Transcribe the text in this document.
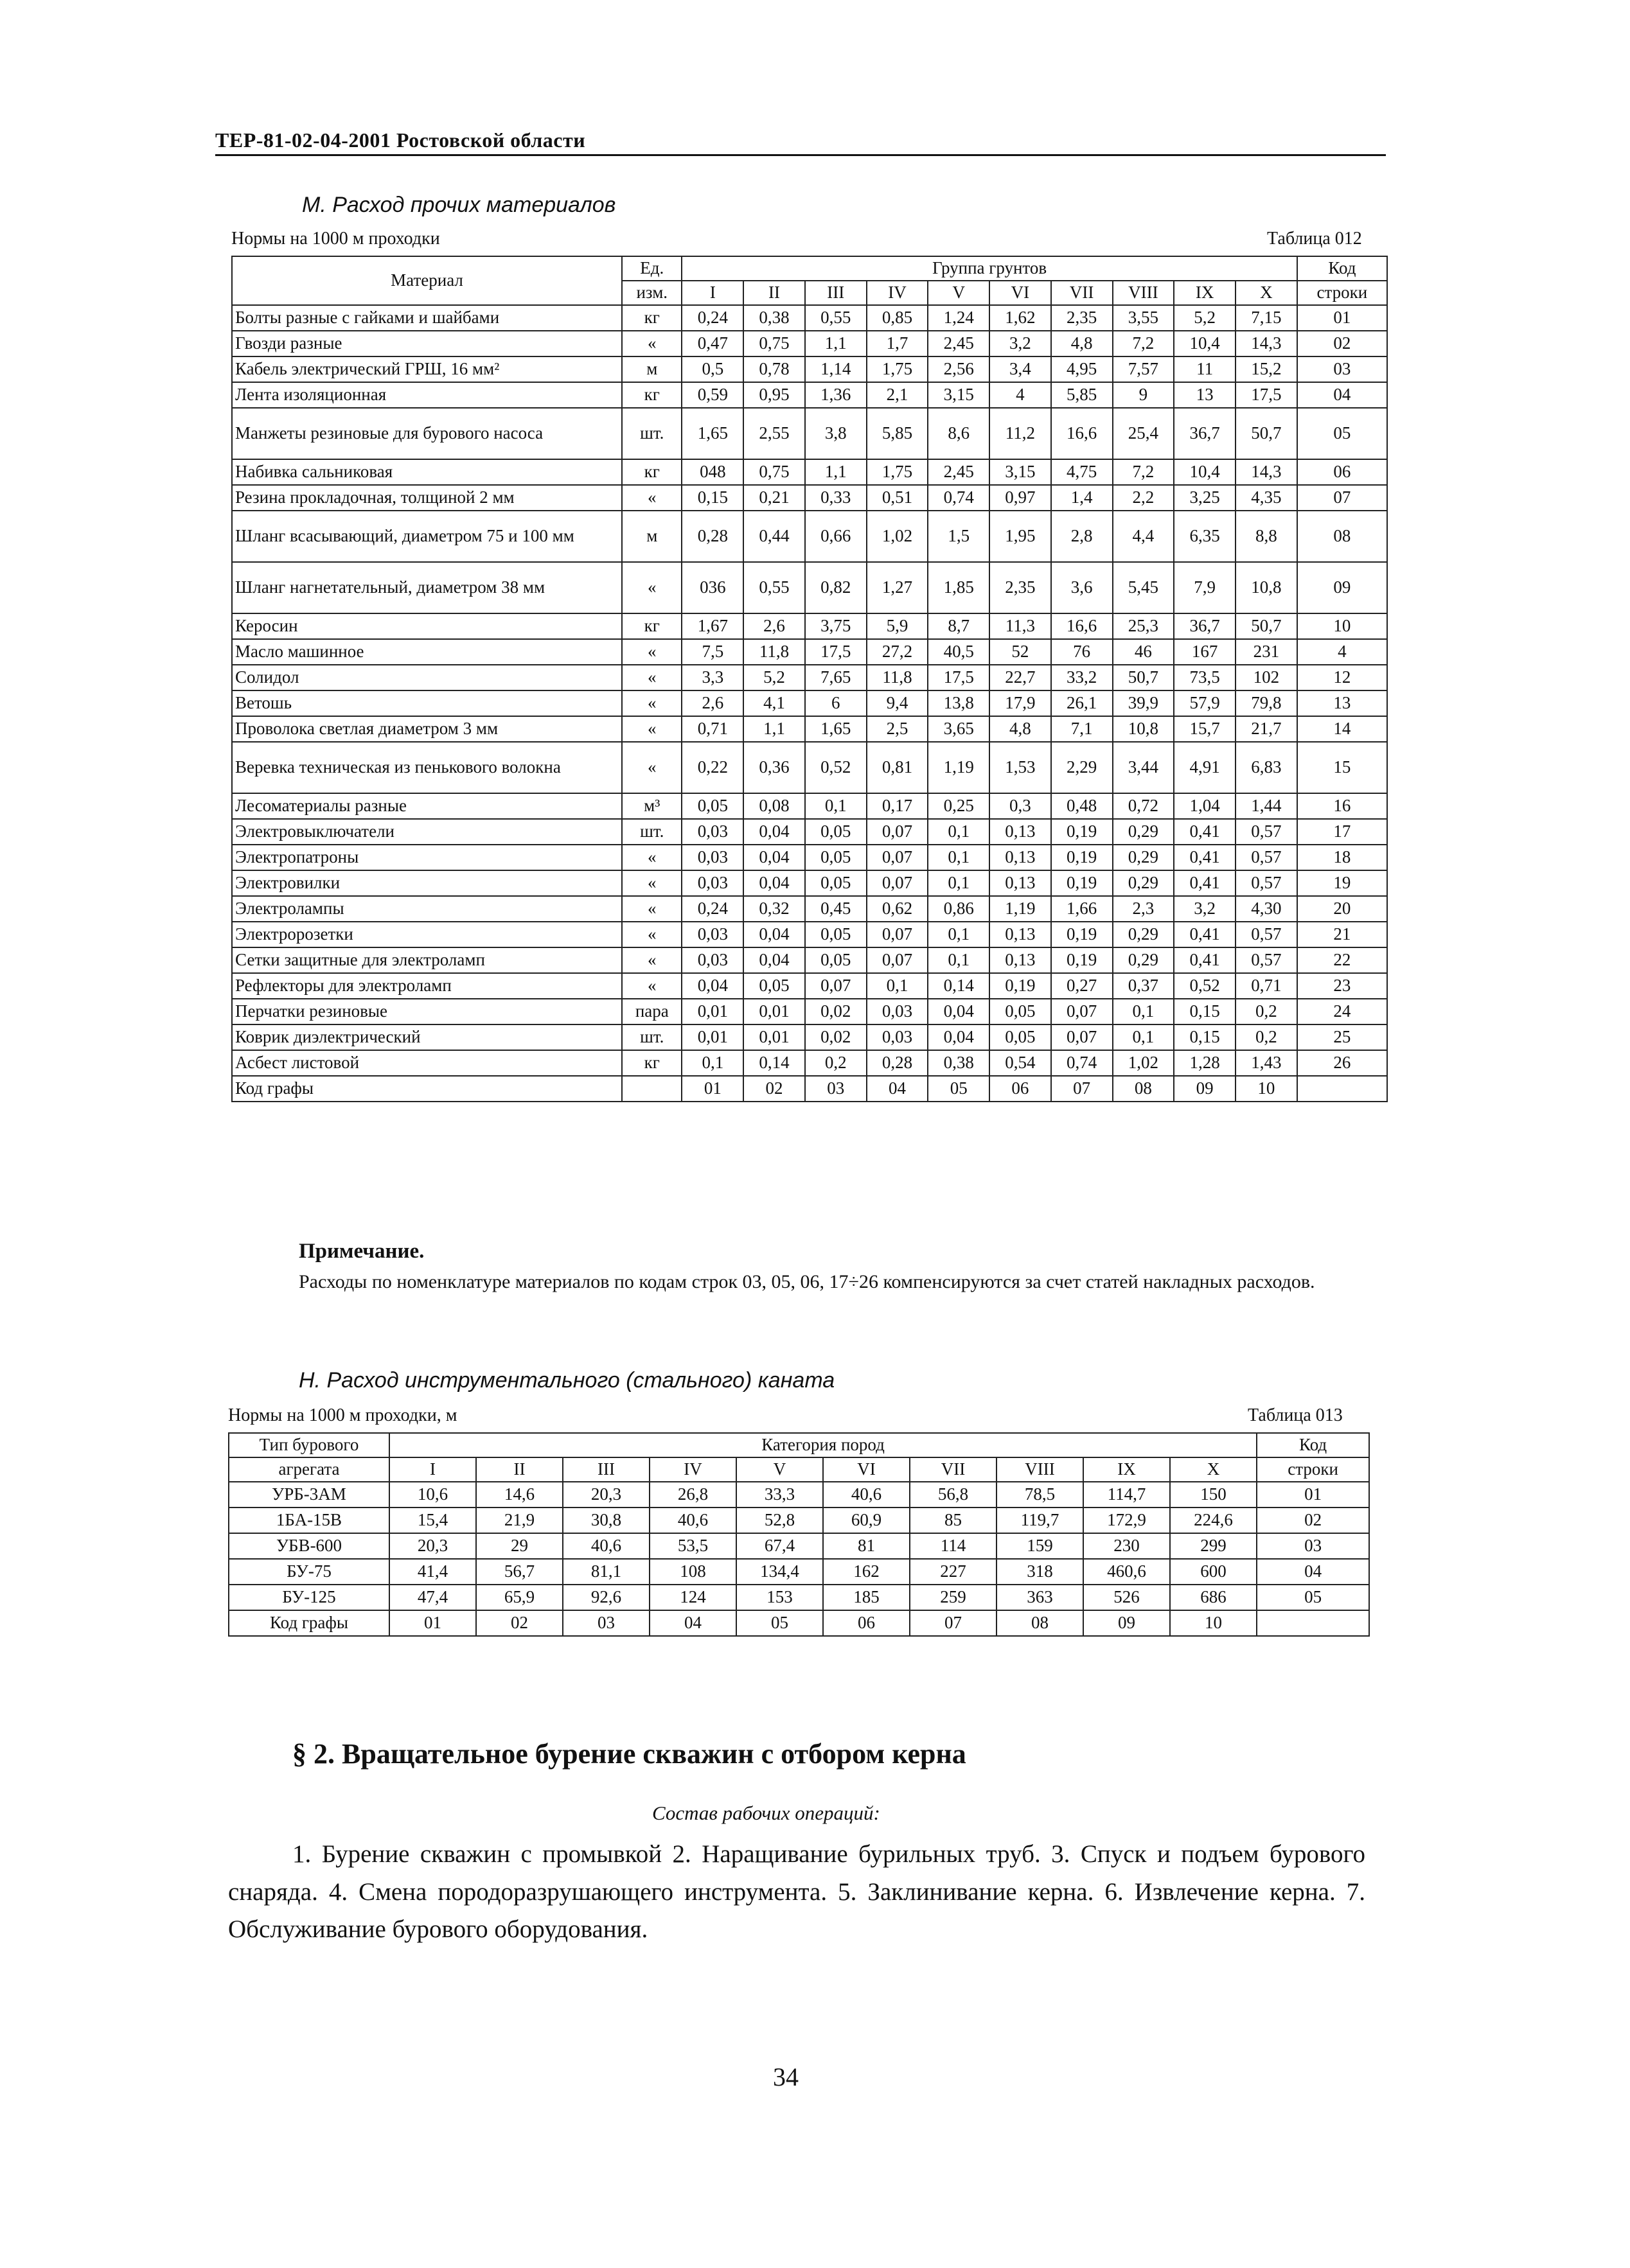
ТЕР-81-02-04-2001 Ростовской области
М. Расход прочих материалов
Нормы на 1000 м проходки	Таблица 012
Материал	Ед.	Группа грунтов										Код
	изм.	I	II	III	IV	V	VI	VII	VIII	IX	X	строки
Болты разные с гайками и шайбами	кг	0,24	0,38	0,55	0,85	1,24	1,62	2,35	3,55	5,2	7,15	01
Гвозди разные	«	0,47	0,75	1,1	1,7	2,45	3,2	4,8	7,2	10,4	14,3	02
Кабель электрический ГРШ, 16 мм²	м	0,5	0,78	1,14	1,75	2,56	3,4	4,95	7,57	11	15,2	03
Лента изоляционная	кг	0,59	0,95	1,36	2,1	3,15	4	5,85	9	13	17,5	04
Манжеты резиновые для бурового насоса	шт.	1,65	2,55	3,8	5,85	8,6	11,2	16,6	25,4	36,7	50,7	05
Набивка сальниковая	кг	048	0,75	1,1	1,75	2,45	3,15	4,75	7,2	10,4	14,3	06
Резина прокладочная, толщиной 2 мм	«	0,15	0,21	0,33	0,51	0,74	0,97	1,4	2,2	3,25	4,35	07
Шланг всасывающий, диаметром 75 и 100 мм	м	0,28	0,44	0,66	1,02	1,5	1,95	2,8	4,4	6,35	8,8	08
Шланг нагнетательный, диаметром 38 мм	«	036	0,55	0,82	1,27	1,85	2,35	3,6	5,45	7,9	10,8	09
Керосин	кг	1,67	2,6	3,75	5,9	8,7	11,3	16,6	25,3	36,7	50,7	10
Масло машинное	«	7,5	11,8	17,5	27,2	40,5	52	76	46	167	231	4
Солидол	«	3,3	5,2	7,65	11,8	17,5	22,7	33,2	50,7	73,5	102	12
Ветошь	«	2,6	4,1	6	9,4	13,8	17,9	26,1	39,9	57,9	79,8	13
Проволока светлая диаметром 3 мм	«	0,71	1,1	1,65	2,5	3,65	4,8	7,1	10,8	15,7	21,7	14
Веревка техническая из пенькового волокна	«	0,22	0,36	0,52	0,81	1,19	1,53	2,29	3,44	4,91	6,83	15
Лесоматериалы разные	м³	0,05	0,08	0,1	0,17	0,25	0,3	0,48	0,72	1,04	1,44	16
Электровыключатели	шт.	0,03	0,04	0,05	0,07	0,1	0,13	0,19	0,29	0,41	0,57	17
Электропатроны	«	0,03	0,04	0,05	0,07	0,1	0,13	0,19	0,29	0,41	0,57	18
Электровилки	«	0,03	0,04	0,05	0,07	0,1	0,13	0,19	0,29	0,41	0,57	19
Электролампы	«	0,24	0,32	0,45	0,62	0,86	1,19	1,66	2,3	3,2	4,30	20
Электророзетки	«	0,03	0,04	0,05	0,07	0,1	0,13	0,19	0,29	0,41	0,57	21
Сетки защитные для электроламп	«	0,03	0,04	0,05	0,07	0,1	0,13	0,19	0,29	0,41	0,57	22
Рефлекторы для электроламп	«	0,04	0,05	0,07	0,1	0,14	0,19	0,27	0,37	0,52	0,71	23
Перчатки резиновые	пара	0,01	0,01	0,02	0,03	0,04	0,05	0,07	0,1	0,15	0,2	24
Коврик диэлектрический	шт.	0,01	0,01	0,02	0,03	0,04	0,05	0,07	0,1	0,15	0,2	25
Асбест листовой	кг	0,1	0,14	0,2	0,28	0,38	0,54	0,74	1,02	1,28	1,43	26
Код графы		01	02	03	04	05	06	07	08	09	10	
Примечание.
Расходы по номенклатуре материалов по кодам строк 03, 05, 06, 17÷26 компенсируются за счет статей накладных расходов.
Н. Расход инструментального (стального) каната
Нормы на 1000 м проходки, м	Таблица 013
Тип бурового	Категория пород										Код
агрегата	I	II	III	IV	V	VI	VII	VIII	IX	X	строки
УРБ-3АМ	10,6	14,6	20,3	26,8	33,3	40,6	56,8	78,5	114,7	150	01
1БА-15В	15,4	21,9	30,8	40,6	52,8	60,9	85	119,7	172,9	224,6	02
УБВ-600	20,3	29	40,6	53,5	67,4	81	114	159	230	299	03
БУ-75	41,4	56,7	81,1	108	134,4	162	227	318	460,6	600	04
БУ-125	47,4	65,9	92,6	124	153	185	259	363	526	686	05
Код графы	01	02	03	04	05	06	07	08	09	10	
§ 2. Вращательное бурение скважин с отбором керна
Состав рабочих операций:
1. Бурение скважин с промывкой 2. Наращивание бурильных труб. 3. Спуск и подъем бурового снаряда. 4. Смена породоразрушающего инструмента. 5. Заклинивание керна. 6. Извлечение керна. 7. Обслуживание бурового оборудования.
34
